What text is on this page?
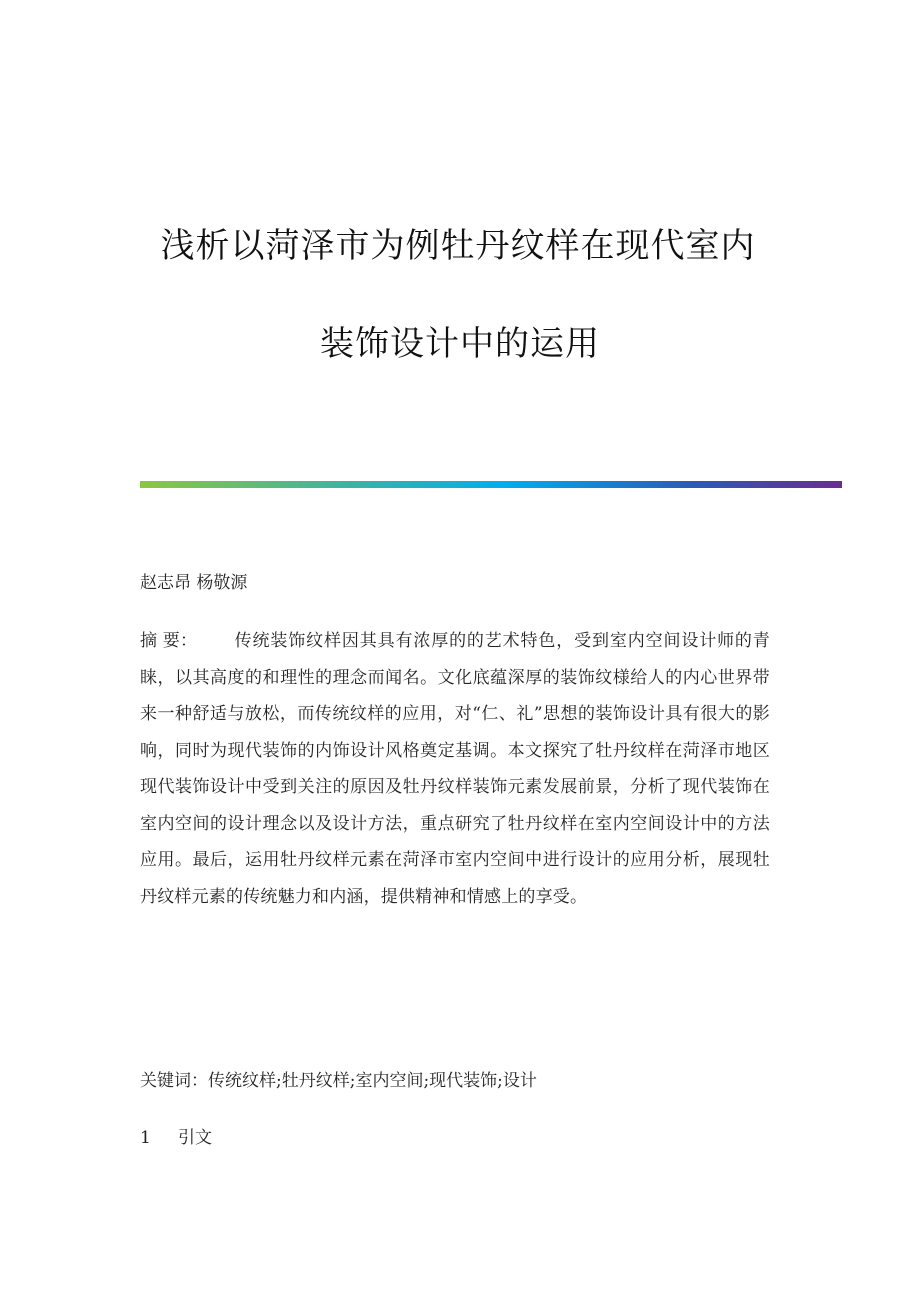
浅析以菏泽市为例牡丹纹样在现代室内
装饰设计中的运用
赵志昂 杨敬源
摘 要： 传统装饰纹样因其具有浓厚的的艺术特色，受到室内空间设计师的青睐，以其高度的和理性的理念而闻名。文化底蕴深厚的装饰纹様给人的内心世界带来一种舒适与放松，而传统纹样的应用，对“仁、礼”思想的装饰设计具有很大的影响，同时为现代装饰的内饰设计风格奠定基调。本文探究了牡丹纹样在菏泽市地区现代装饰设计中受到关注的原因及牡丹纹样装饰元素发展前景，分析了现代装饰在室内空间的设计理念以及设计方法，重点研究了牡丹纹样在室内空间设计中的方法应用。最后，运用牡丹纹样元素在菏泽市室内空间中进行设计的应用分析，展现牡丹纹样元素的传统魅力和内涵，提供精神和情感上的享受。
关键词：传统纹样;牡丹纹样;室内空间;现代装饰;设计
1 引文
